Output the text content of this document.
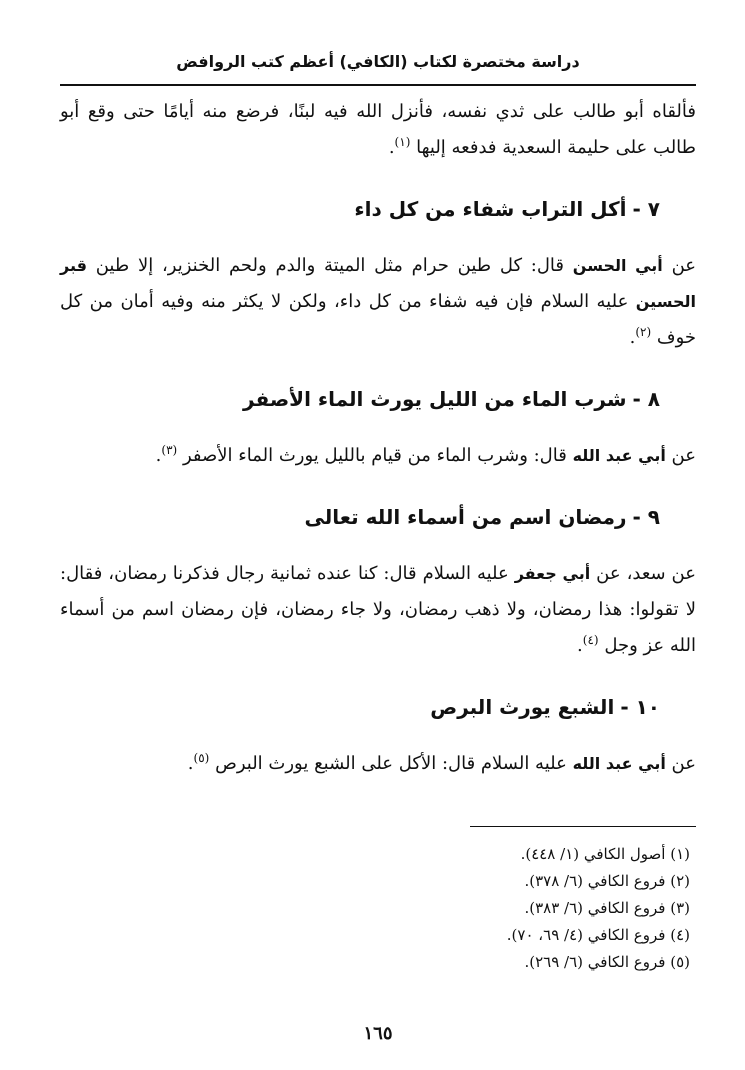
دراسة مختصرة لكتاب (الكافي) أعظم كتب الروافض

فألقاه أبو طالب على ثدي نفسه، فأنزل الله فيه لبنًا، فرضع منه أيامًا حتى وقع أبو طالب على حليمة السعدية فدفعه إليها $^{(١)}$.

٧ -أكل التراب شفاء من كل داء

عن أبي الحسن قال: كل طين حرام مثل الميتة والدم ولحم الخنزير، إلا طين قبر الحسين عليه السلام فإن فيه شفاء من كل داء، ولكن لا يكثر منه وفيه أمان من كل خوف $^{(٢)}$.

٨ -شرب الماء من الليل يورث الماء الأصفر

عن أبي عبد الله قال: وشرب الماء من قيام بالليل يورث الماء الأصفر $^{(٣)}$.

٩ -رمضان اسم من أسماء الله تعالى

عن سعد، عن أبي جعفر عليه السلام قال: كنا عنده ثمانية رجال فذكرنا رمضان، فقال: لا تقولوا: هذا رمضان، ولا ذهب رمضان، ولا جاء رمضان، فإن رمضان اسم من أسماء الله عز وجل $^{(٤)}$.

١٠ -الشبع يورث البرص

عن أبي عبد الله عليه السلام قال: الأكل على الشبع يورث البرص $^{(٥)}$.

(١) أصول الكافي (١/ ٤٤٨).
(٢) فروع الكافي (٦/ ٣٧٨).
(٣) فروع الكافي (٦/ ٣٨٣).
(٤) فروع الكافي (٤/ ٦٩، ٧٠).
(٥) فروع الكافي (٦/ ٢٦٩).
١٦٥
